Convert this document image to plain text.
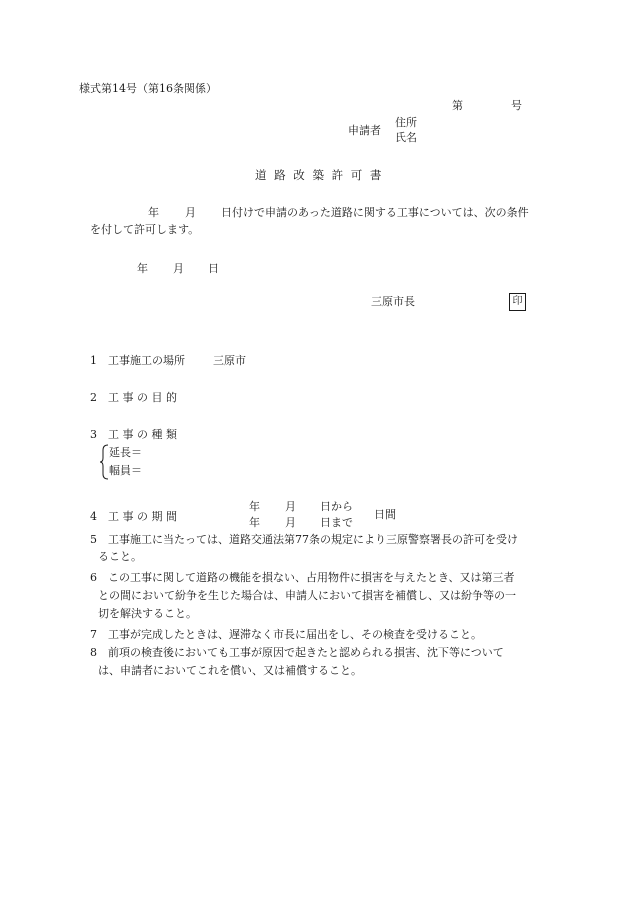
様式第14号（第16条関係）
第	号
申請者
住所
氏名
道 路 改 築 許 可 書
年 月 日付けで申請のあった道路に関する工事については、次の条件
を付して許可します。
年 月 日
三原市長	印
1　工事施工の場所	三原市
2　工 事 の 目 的
3　工 事 の 種 類
延長＝
幅員＝
4　工 事 の 期 間
年 月 日から
年 月 日まで
日間
5　工事施工に当たっては、道路交通法第77条の規定により三原警察署長の許可を受け
ること。
6　この工事に関して道路の機能を損ない、占用物件に損害を与えたとき、又は第三者
との間において紛争を生じた場合は、申請人において損害を補償し、又は紛争等の一
切を解決すること。
7　工事が完成したときは、遅滞なく市長に届出をし、その検査を受けること。
8　前項の検査後においても工事が原因で起きたと認められる損害、沈下等について
は、申請者においてこれを償い、又は補償すること。
